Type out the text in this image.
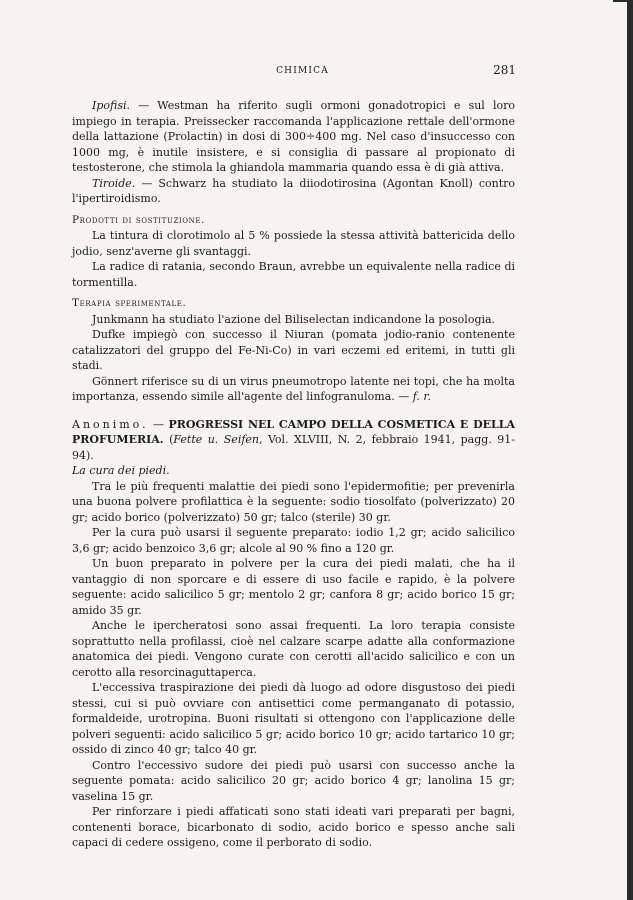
CHIMICA	281

Ipofisi. — Westman ha riferito sugli ormoni gonadotropici e sul loro impiego in terapia. Preissecker raccomanda l'applicazione rettale dell'ormone della lattazione (Prolactin) in dosi di 300÷400 mg. Nel caso d'insuccesso con 1000 mg, è inutile insistere, e si consiglia di passare al propionato di testosterone, che stimola la ghiandola mammaria quando essa è di già attiva.

Tiroide. — Schwarz ha studiato la diiodotirosina (Agontan Knoll) contro l'ipertiroidismo.

Prodotti di sostituzione.

La tintura di clorotimolo al 5 % possiede la stessa attività battericida dello jodio, senz'averne gli svantaggi.

La radice di ratania, secondo Braun, avrebbe un equivalente nella radice di tormentilla.

Terapia sperimentale.

Junkmann ha studiato l'azione del Biliselectan indicandone la posologia.

Dufke impiegò con successo il Niuran (pomata jodio-ranio contenente catalizzatori del gruppo del Fe-Ni-Co) in vari eczemi ed eritemi, in tutti gli stadi.

Gönnert riferisce su di un virus pneumotropo latente nei topi, che ha molta importanza, essendo simile all'agente del linfogranuloma. — f. r.

Anonimo. — PROGRESSI NEL CAMPO DELLA COSMETICA E DELLA PROFUMERIA. (Fette u. Seifen, Vol. XLVIII, N. 2, febbraio 1941, pagg. 91-94).

La cura dei piedi.

Tra le più frequenti malattie dei piedi sono l'epidermofitie; per prevenirla una buona polvere profilattica è la seguente: sodio tiosolfato (polverizzato) 20 gr; acido borico (polverizzato) 50 gr; talco (sterile) 30 gr.

Per la cura può usarsi il seguente preparato: iodio 1,2 gr; acido salicilico 3,6 gr; acido benzoico 3,6 gr; alcole al 90 % fino a 120 gr.

Un buon preparato in polvere per la cura dei piedi malati, che ha il vantaggio di non sporcare e di essere di uso facile e rapido, è la polvere seguente: acido salicilico 5 gr; mentolo 2 gr; canfora 8 gr; acido borico 15 gr; amido 35 gr.

Anche le ipercheratosi sono assai frequenti. La loro terapia consiste soprattutto nella profilassi, cioè nel calzare scarpe adatte alla conformazione anatomica dei piedi. Vengono curate con cerotti all'acido salicilico e con un cerotto alla resorcinaguttaperca.

L'eccessiva traspirazione dei piedi dà luogo ad odore disgustoso dei piedi stessi, cui si può ovviare con antisettici come permanganato di potassio, formaldeide, urotropina. Buoni risultati si ottengono con l'applicazione delle polveri seguenti: acido salicilico 5 gr; acido borico 10 gr; acido tartarico 10 gr; ossido di zinco 40 gr; talco 40 gr.

Contro l'eccessivo sudore dei piedi può usarsi con successo anche la seguente pomata: acido salicilico 20 gr; acido borico 4 gr; lanolina 15 gr; vaselina 15 gr.

Per rinforzare i piedi affaticati sono stati ideati vari preparati per bagni, contenenti borace, bicarbonato di sodio, acido borico e spesso anche sali capaci di cedere ossigeno, come il perborato di sodio.
